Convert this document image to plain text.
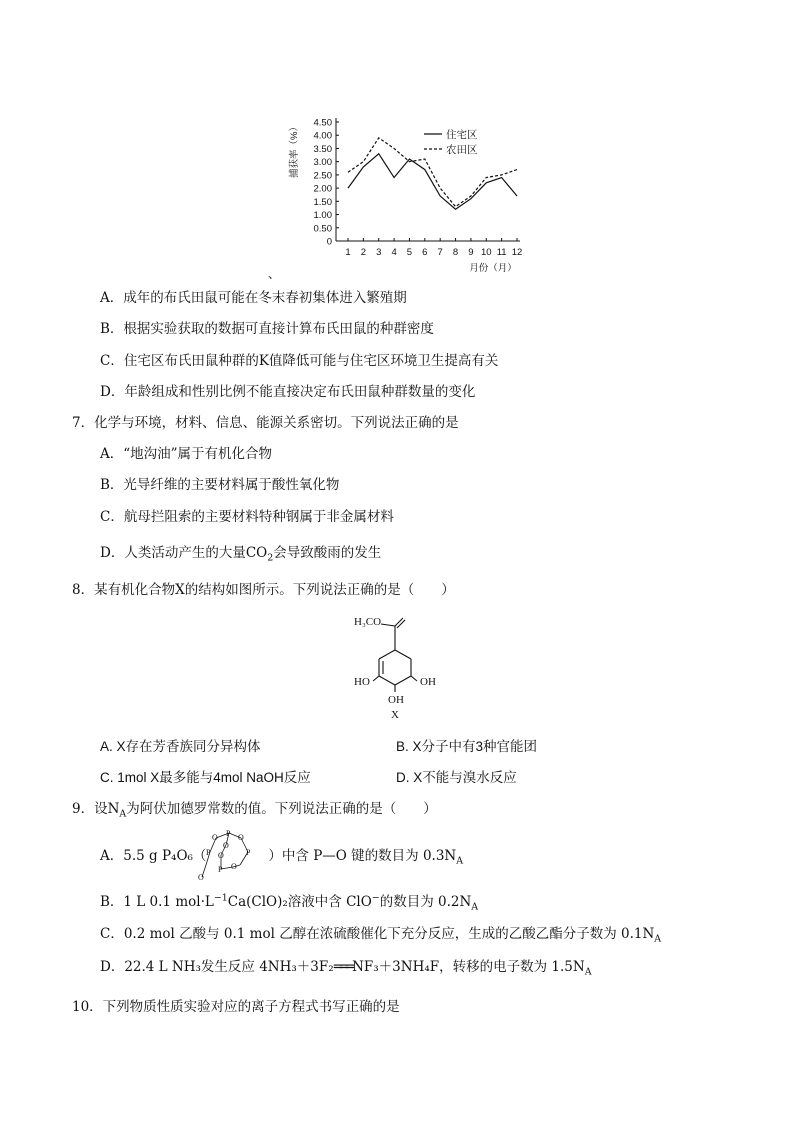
0
0.50
1.00
1.50
2.00
2.50
3.00
3.50
4.00
4.50
1 2 3 4 5 6 7 8 9 10 11 12
捕获率（%）
月份（月）
住宅区
农田区
、
A．成年的布氏田鼠可能在冬末春初集体进入繁殖期
B．根据实验获取的数据可直接计算布氏田鼠的种群密度
C．住宅区布氏田鼠种群的K值降低可能与住宅区环境卫生提高有关
D．年龄组成和性别比例不能直接决定布氏田鼠种群数量的变化
7．化学与环境，材料、信息、能源关系密切。下列说法正确的是
A．“地沟油”属于有机化合物
B．光导纤维的主要材料属于酸性氧化物
C．航母拦阻索的主要材料特种钢属于非金属材料
D．人类活动产生的大量$CO_2$会导致酸雨的发生
8．某有机化合物X的结构如图所示。下列说法正确的是（　　）
H₃CO
HO	OH
OH
X
A. X存在芳香族同分异构体	B. X分子中有3种官能团
C. 1mol X最多能与4mol NaOH反应	D. X不能与溴水反应
9．设$N_A$为阿伏加德罗常数的值。下列说法正确的是（　　）
A．5.5 g P₄O₆（	）中含 P—O 键的数目为 $0.3N_A$
P
O	O
O
P	P
O
P O
O
B．1 L 0.1 $mol\cdot L^{-1}Ca(ClO)_2$溶液中含 ClO−的数目为 $0.2N_A$
C．0.2 mol 乙酸与 0.1 mol 乙醇在浓硫酸催化下充分反应，生成的乙酸乙酯分子数为 $0.1N_A$
D．22.4 L NH₃发生反应 4NH₃＋3F₂═══NF₃＋3NH₄F，转移的电子数为 $1.5N_A$
10．下列物质性质实验对应的离子方程式书写正确的是
